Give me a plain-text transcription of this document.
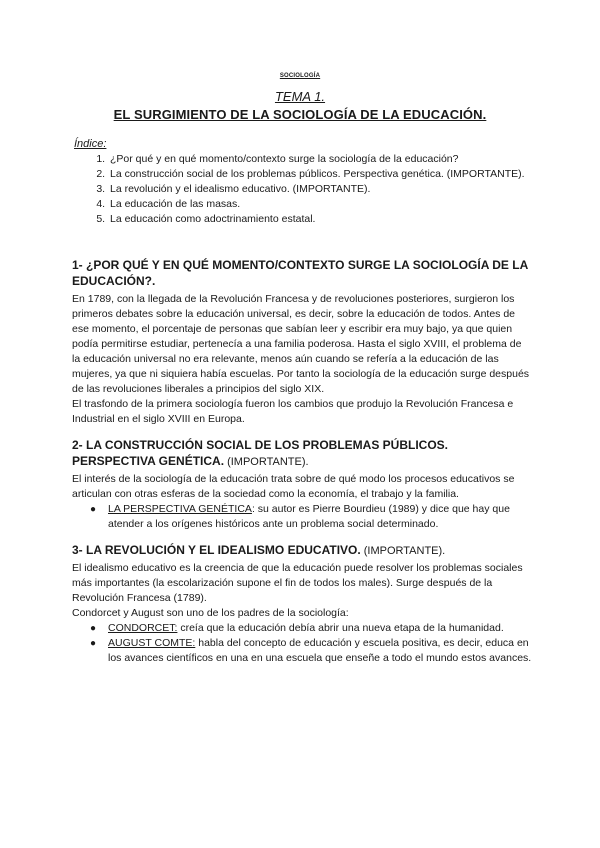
SOCIOLOGÍA
TEMA 1.
EL SURGIMIENTO DE LA SOCIOLOGÍA DE LA EDUCACIÓN.
Índice:
1. ¿Por qué y en qué momento/contexto surge la sociología de la educación?
2. La construcción social de los problemas públicos. Perspectiva genética. (IMPORTANTE).
3. La revolución y el idealismo educativo. (IMPORTANTE).
4. La educación de las masas.
5. La educación como adoctrinamiento estatal.
1- ¿POR QUÉ Y EN QUÉ MOMENTO/CONTEXTO SURGE LA SOCIOLOGÍA DE LA EDUCACIÓN?.

En 1789, con la llegada de la Revolución Francesa y de revoluciones posteriores, surgieron los primeros debates sobre la educación universal, es decir, sobre la educación de todos. Antes de ese momento, el porcentaje de personas que sabían leer y escribir era muy bajo, ya que quien podía permitirse estudiar, pertenecía a una familia poderosa. Hasta el siglo XVIII, el problema de la educación universal no era relevante, menos aún cuando se refería a la educación de las mujeres, ya que ni siquiera había escuelas. Por tanto la sociología de la educación surge después de las revoluciones liberales a principios del siglo XIX.

El trasfondo de la primera sociología fueron los cambios que produjo la Revolución Francesa e Industrial en el siglo XVIII en Europa.

2- LA CONSTRUCCIÓN SOCIAL DE LOS PROBLEMAS PÚBLICOS. PERSPECTIVA GENÉTICA. (IMPORTANTE).

El interés de la sociología de la educación trata sobre de qué modo los procesos educativos se articulan con otras esferas de la sociedad como la economía, el trabajo y la familia.

● LA PERSPECTIVA GENÉTICA: su autor es Pierre Bourdieu (1989) y dice que hay que atender a los orígenes históricos ante un problema social determinado.
3- LA REVOLUCIÓN Y EL IDEALISMO EDUCATIVO. (IMPORTANTE).

El idealismo educativo es la creencia de que la educación puede resolver los problemas sociales más importantes (la escolarización supone el fin de todos los males). Surge después de la Revolución Francesa (1789).

Condorcet y August son uno de los padres de la sociología:

● CONDORCET: creía que la educación debía abrir una nueva etapa de la humanidad.
● AUGUST COMTE: habla del concepto de educación y escuela positiva, es decir, educa en los avances científicos en una en una escuela que enseñe a todo el mundo estos avances.
